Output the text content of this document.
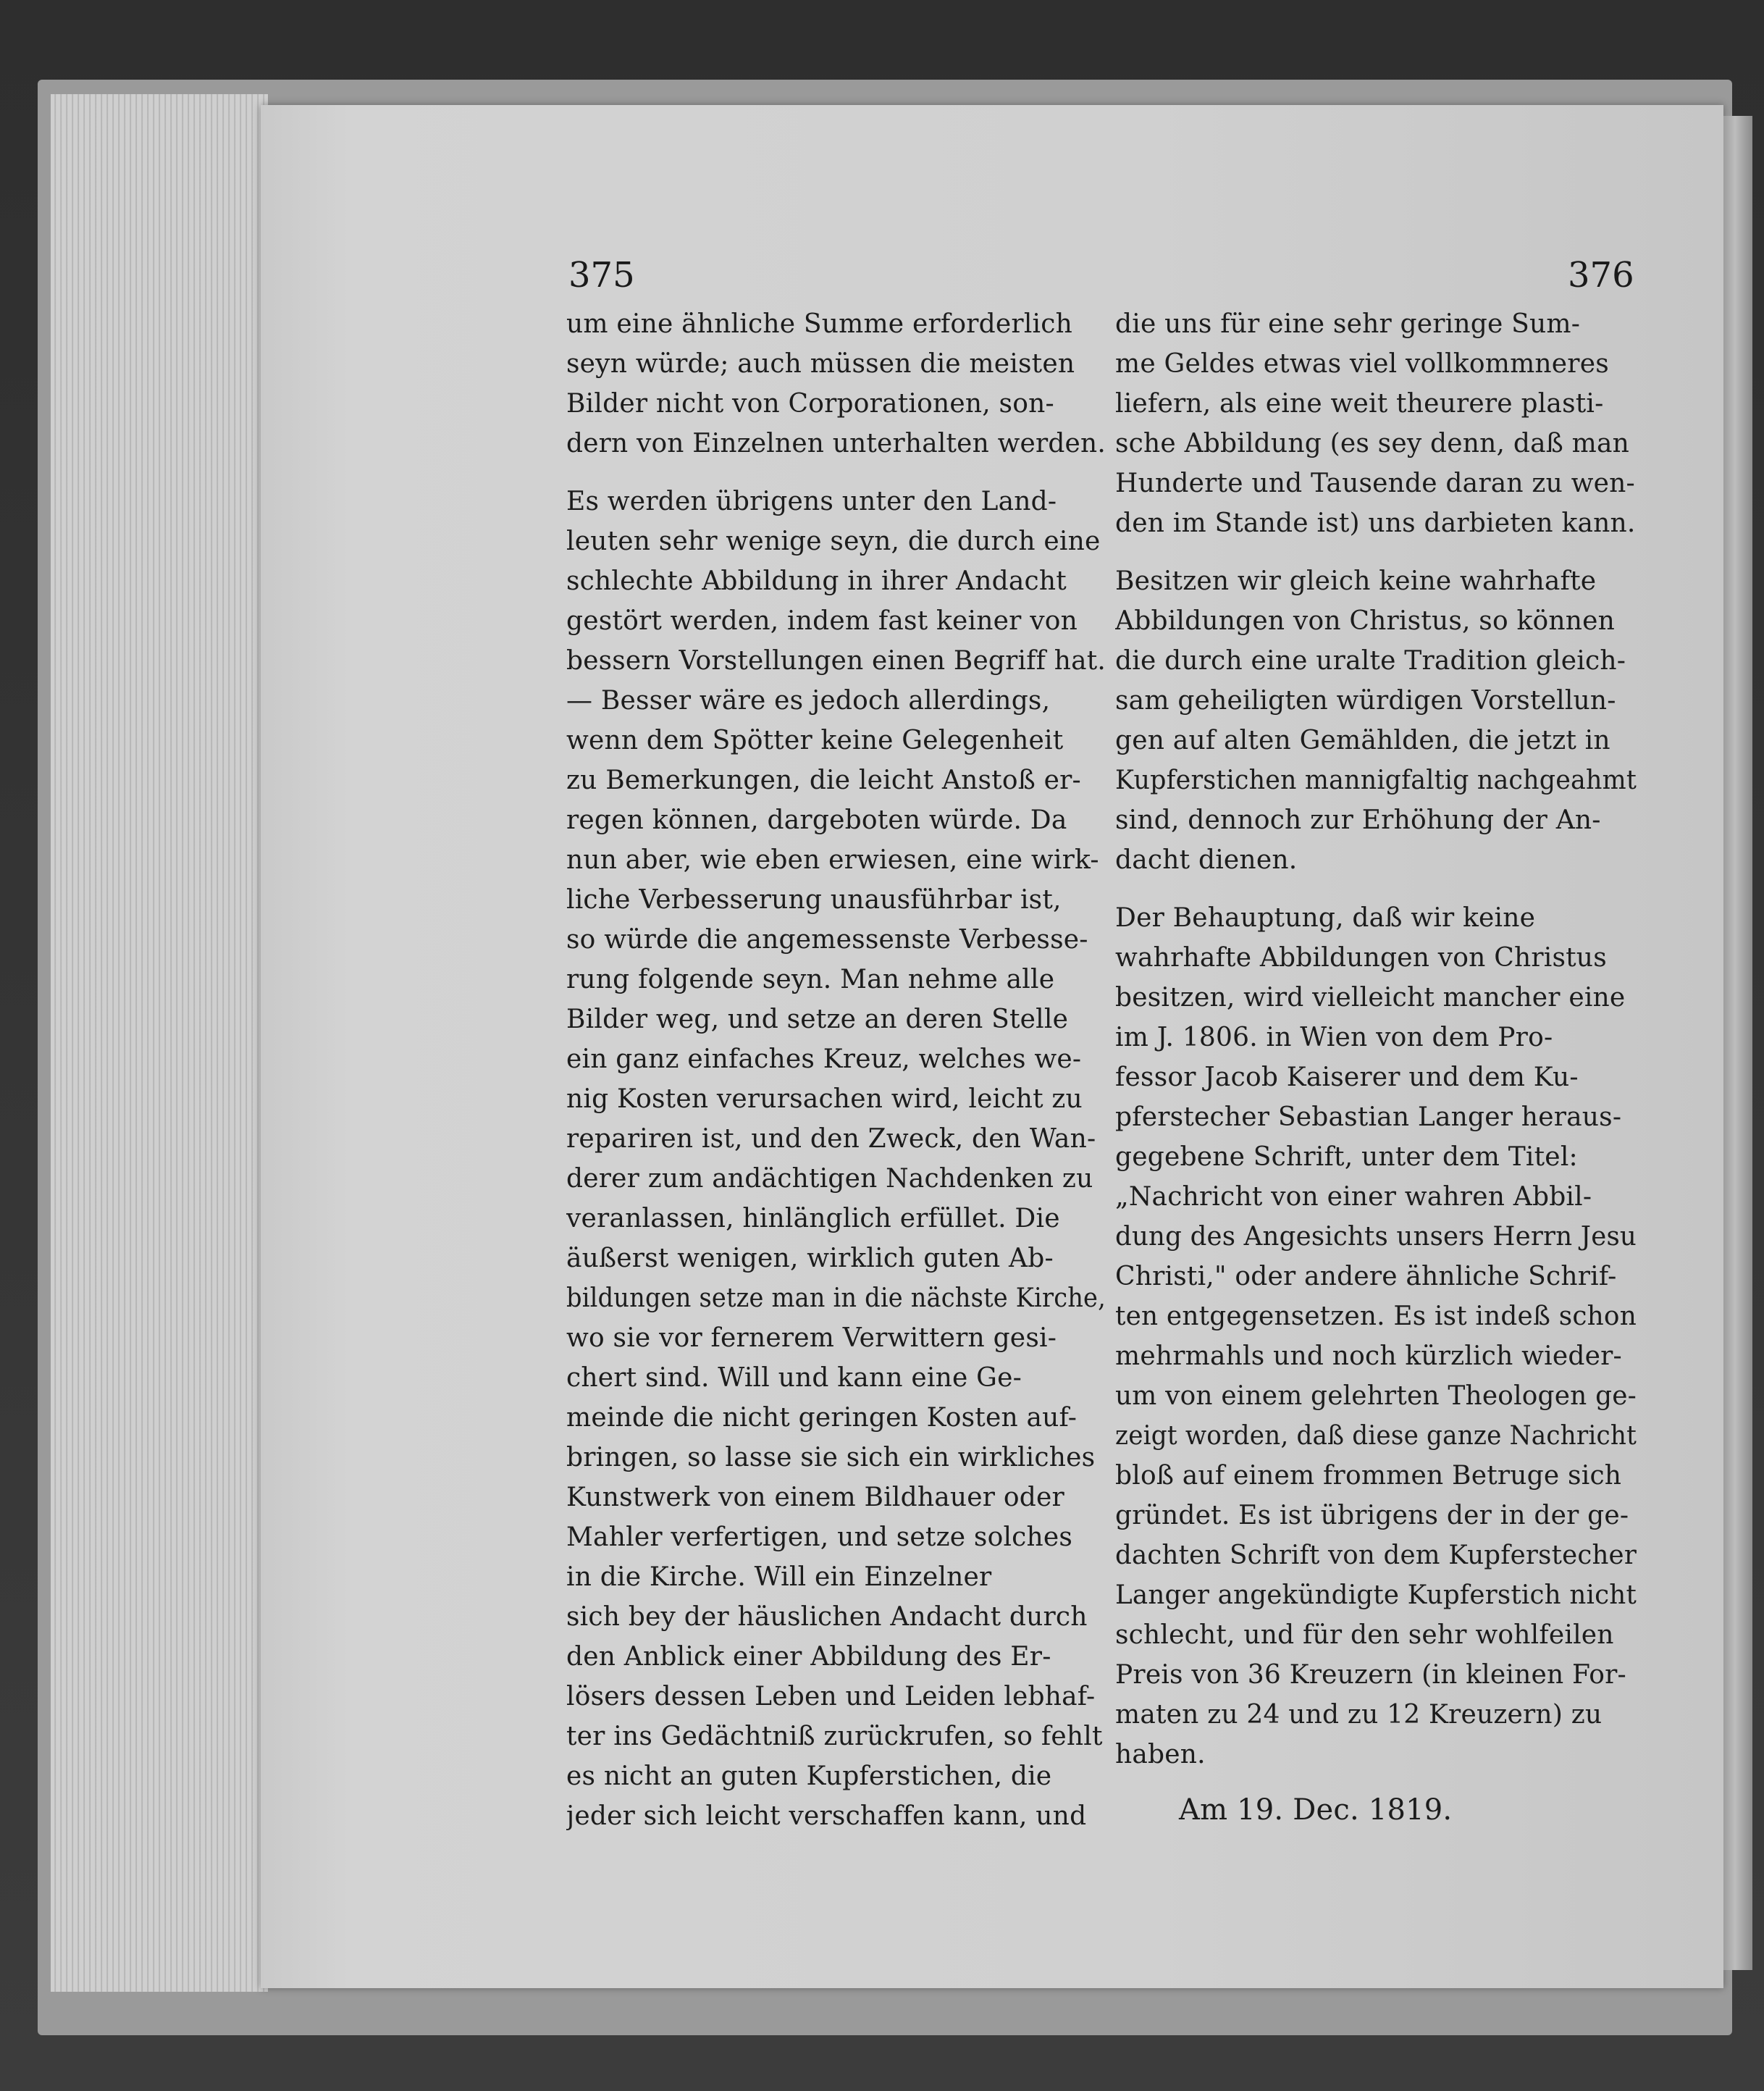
375	376
um eine ähnliche Summe erforderlich
seyn würde; auch müssen die meisten
Bilder nicht von Corporationen, son-
dern von Einzelnen unterhalten werden.
Es werden übrigens unter den Land-
leuten sehr wenige seyn, die durch eine
schlechte Abbildung in ihrer Andacht
gestört werden, indem fast keiner von
bessern Vorstellungen einen Begriff hat.
— Besser wäre es jedoch allerdings,
wenn dem Spötter keine Gelegenheit
zu Bemerkungen, die leicht Anstoß er-
regen können, dargeboten würde. Da
nun aber, wie eben erwiesen, eine wirk-
liche Verbesserung unausführbar ist,
so würde die angemessenste Verbesse-
rung folgende seyn. Man nehme alle
Bilder weg, und setze an deren Stelle
ein ganz einfaches Kreuz, welches we-
nig Kosten verursachen wird, leicht zu
repariren ist, und den Zweck, den Wan-
derer zum andächtigen Nachdenken zu
veranlassen, hinlänglich erfüllet. Die
äußerst wenigen, wirklich guten Ab-
bildungen setze man in die nächste Kirche,
wo sie vor fernerem Verwittern gesi-
chert sind. Will und kann eine Ge-
meinde die nicht geringen Kosten auf-
bringen, so lasse sie sich ein wirkliches
Kunstwerk von einem Bildhauer oder
Mahler verfertigen, und setze solches
in die Kirche. Will ein Einzelner
sich bey der häuslichen Andacht durch
den Anblick einer Abbildung des Er-
lösers dessen Leben und Leiden lebhaf-
ter ins Gedächtniß zurückrufen, so fehlt
es nicht an guten Kupferstichen, die
jeder sich leicht verschaffen kann, und
die uns für eine sehr geringe Sum-
me Geldes etwas viel vollkommneres
liefern, als eine weit theurere plasti-
sche Abbildung (es sey denn, daß man
Hunderte und Tausende daran zu wen-
den im Stande ist) uns darbieten kann.
Besitzen wir gleich keine wahrhafte
Abbildungen von Christus, so können
die durch eine uralte Tradition gleich-
sam geheiligten würdigen Vorstellun-
gen auf alten Gemählden, die jetzt in
Kupferstichen mannigfaltig nachgeahmt
sind, dennoch zur Erhöhung der An-
dacht dienen.
Der Behauptung, daß wir keine
wahrhafte Abbildungen von Christus
besitzen, wird vielleicht mancher eine
im J. 1806. in Wien von dem Pro-
fessor Jacob Kaiserer und dem Ku-
pferstecher Sebastian Langer heraus-
gegebene Schrift, unter dem Titel:
„Nachricht von einer wahren Abbil-
dung des Angesichts unsers Herrn Jesu
Christi," oder andere ähnliche Schrif-
ten entgegensetzen. Es ist indeß schon
mehrmahls und noch kürzlich wieder-
um von einem gelehrten Theologen ge-
zeigt worden, daß diese ganze Nachricht
bloß auf einem frommen Betruge sich
gründet. Es ist übrigens der in der ge-
dachten Schrift von dem Kupferstecher
Langer angekündigte Kupferstich nicht
schlecht, und für den sehr wohlfeilen
Preis von 36 Kreuzern (in kleinen For-
maten zu 24 und zu 12 Kreuzern) zu
haben.
Am 19. Dec. 1819.
